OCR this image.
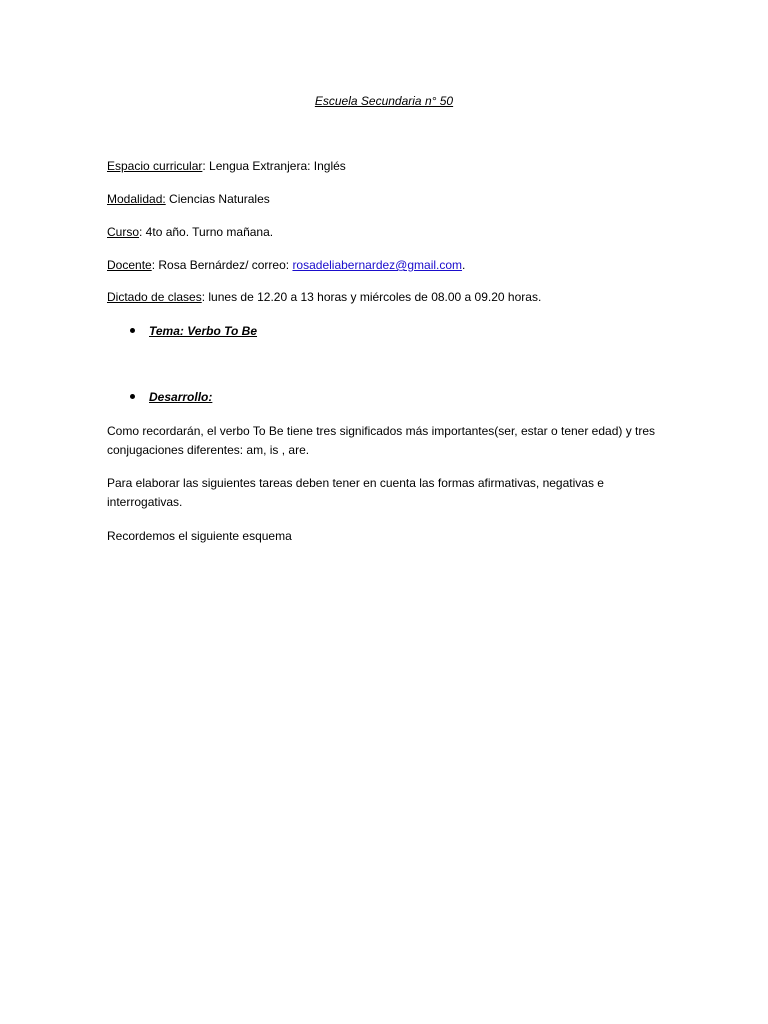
Escuela Secundaria n° 50
Espacio curricular: Lengua Extranjera: Inglés
Modalidad: Ciencias Naturales
Curso: 4to año. Turno mañana.
Docente: Rosa Bernárdez/ correo: rosadeliabernardez@gmail.com.
Dictado de clases: lunes de 12.20 a 13 horas y miércoles de 08.00 a 09.20 horas.
Tema: Verbo To Be
Desarrollo:
Como recordarán, el verbo To Be tiene tres significados más importantes(ser, estar o tener edad) y tres conjugaciones diferentes: am, is , are.
Para elaborar las siguientes tareas deben tener en cuenta las formas afirmativas, negativas e interrogativas.
Recordemos el siguiente esquema
